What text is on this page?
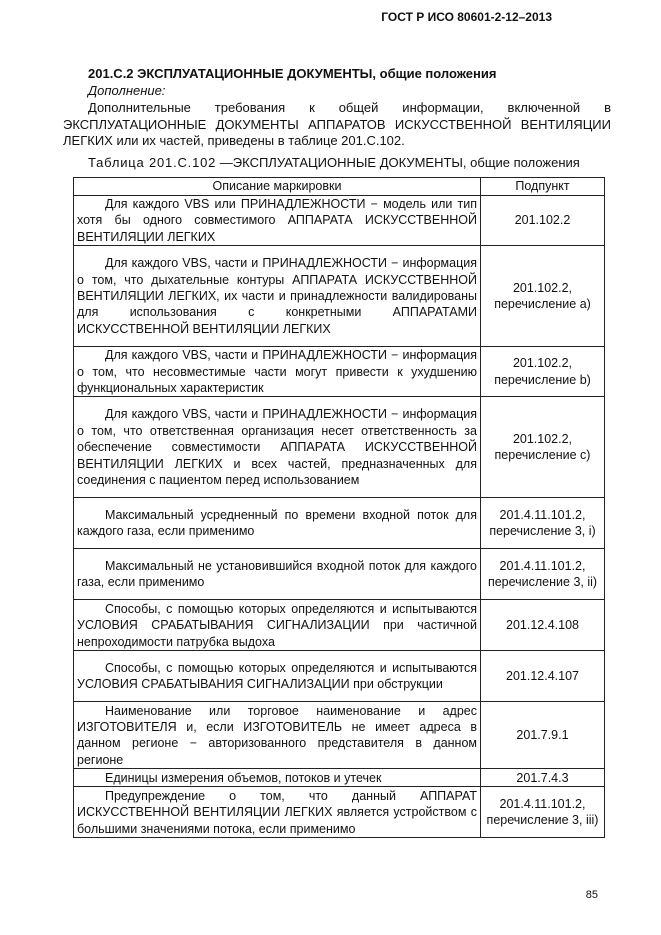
ГОСТ Р ИСО 80601-2-12–2013
201.С.2 ЭКСПЛУАТАЦИОННЫЕ ДОКУМЕНТЫ, общие положения
Дополнение:
Дополнительные требования к общей информации, включенной в ЭКСПЛУАТАЦИОННЫЕ ДОКУМЕНТЫ АППАРАТОВ ИСКУССТВЕННОЙ ВЕНТИЛЯЦИИ ЛЕГКИХ или их частей, приведены в таблице 201.С.102.
Таблица 201.С.102 —ЭКСПЛУАТАЦИОННЫЕ ДОКУМЕНТЫ, общие положения
Описание маркировки	Подпункт
Для каждого VBS или ПРИНАДЛЕЖНОСТИ − модель или тип хотя бы одного совместимого АППАРАТА ИСКУССТВЕННОЙ ВЕНТИЛЯЦИИ ЛЕГКИХ	201.102.2
Для каждого VBS, части и ПРИНАДЛЕЖНОСТИ − информация о том, что дыхательные контуры АППАРАТА ИСКУССТВЕННОЙ ВЕНТИЛЯЦИИ ЛЕГКИХ, их части и принадлежности валидированы для использования с конкретными АППАРАТАМИ ИСКУССТВЕННОЙ ВЕНТИЛЯЦИИ ЛЕГКИХ	201.102.2, перечисление а)
Для каждого VBS, части и ПРИНАДЛЕЖНОСТИ − информация о том, что несовместимые части могут привести к ухудшению функциональных характеристик	201.102.2, перечисление b)
Для каждого VBS, части и ПРИНАДЛЕЖНОСТИ − информация о том, что ответственная организация несет ответственность за обеспечение совместимости АППАРАТА ИСКУССТВЕННОЙ ВЕНТИЛЯЦИИ ЛЕГКИХ и всех частей, предназначенных для соединения с пациентом перед использованием	201.102.2, перечисление с)
Максимальный усредненный по времени входной поток для каждого газа, если применимо	201.4.11.101.2, перечисление 3, i)
Максимальный не установившийся входной поток для каждого газа, если применимо	201.4.11.101.2, перечисление 3, ii)
Способы, с помощью которых определяются и испытываются УСЛОВИЯ СРАБАТЫВАНИЯ СИГНАЛИЗАЦИИ при частичной непроходимости патрубка выдоха	201.12.4.108
Способы, с помощью которых определяются и испытываются УСЛОВИЯ СРАБАТЫВАНИЯ СИГНАЛИЗАЦИИ при обструкции	201.12.4.107
Наименование или торговое наименование и адрес ИЗГОТОВИТЕЛЯ и, если ИЗГОТОВИТЕЛЬ не имеет адреса в данном регионе − авторизованного представителя в данном регионе	201.7.9.1
Единицы измерения объемов, потоков и утечек	201.7.4.3
Предупреждение о том, что данный АППАРАТ ИСКУССТВЕННОЙ ВЕНТИЛЯЦИИ ЛЕГКИХ является устройством с большими значениями потока, если применимо	201.4.11.101.2, перечисление 3, iii)
85
